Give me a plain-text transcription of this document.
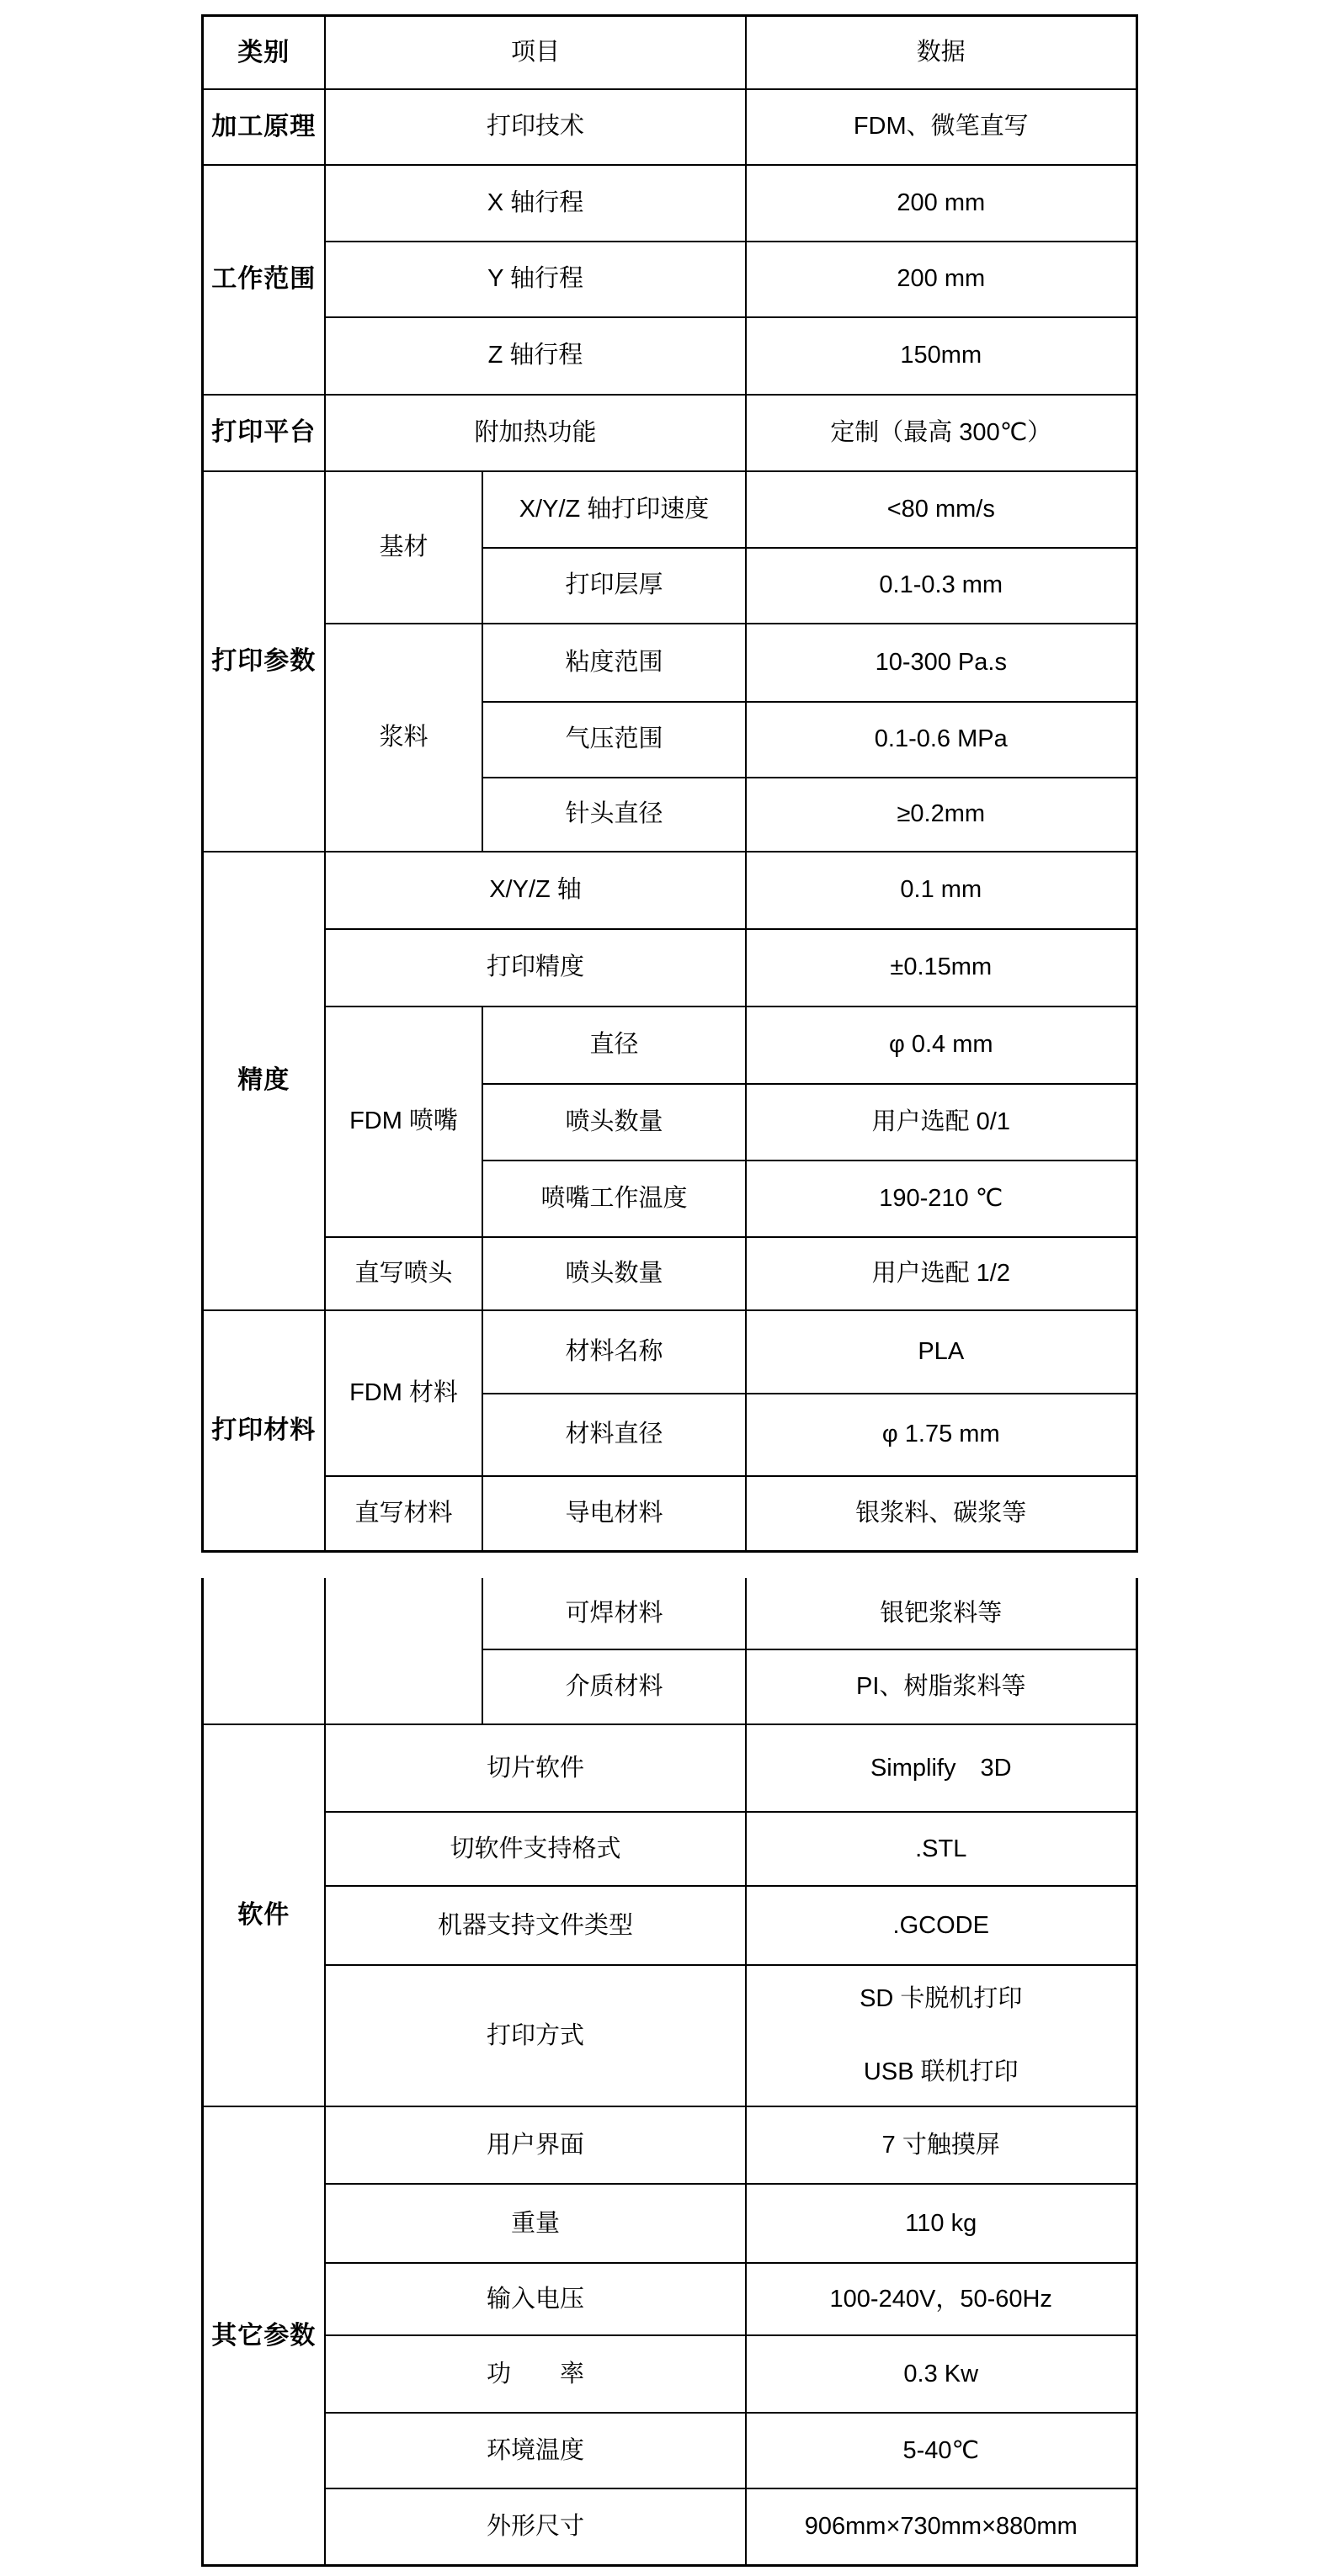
类别	项目		数据
加工原理	打印技术		FDM、微笔直写
工作范围	X 轴行程		200 mm
	Y 轴行程		200 mm
	Z 轴行程		150mm
打印平台	附加热功能		定制（最高 300℃）
打印参数	基材	X/Y/Z 轴打印速度	<80 mm/s
		打印层厚	0.1-0.3 mm
	浆料	粘度范围	10-300 Pa.s
		气压范围	0.1-0.6 MPa
		针头直径	≥0.2mm
精度	X/Y/Z 轴		0.1 mm
	打印精度		±0.15mm
	FDM 喷嘴	直径	φ 0.4 mm
		喷头数量	用户选配 0/1
		喷嘴工作温度	190-210 ℃
	直写喷头	喷头数量	用户选配 1/2
打印材料	FDM 材料	材料名称	PLA
		材料直径	φ 1.75 mm
	直写材料	导电材料	银浆料、碳浆等
		可焊材料	银钯浆料等
		介质材料	PI、树脂浆料等
软件	切片软件		Simplify　3D
	切软件支持格式		.STL
	机器支持文件类型		.GCODE
	打印方式		SD 卡脱机打印
USB 联机打印

其它参数	用户界面		7 寸触摸屏
	重量		110 kg
	输入电压		100-240V，50-60Hz
	功　　率		0.3 Kw
	环境温度		5-40℃
	外形尺寸		906mm×730mm×880mm
